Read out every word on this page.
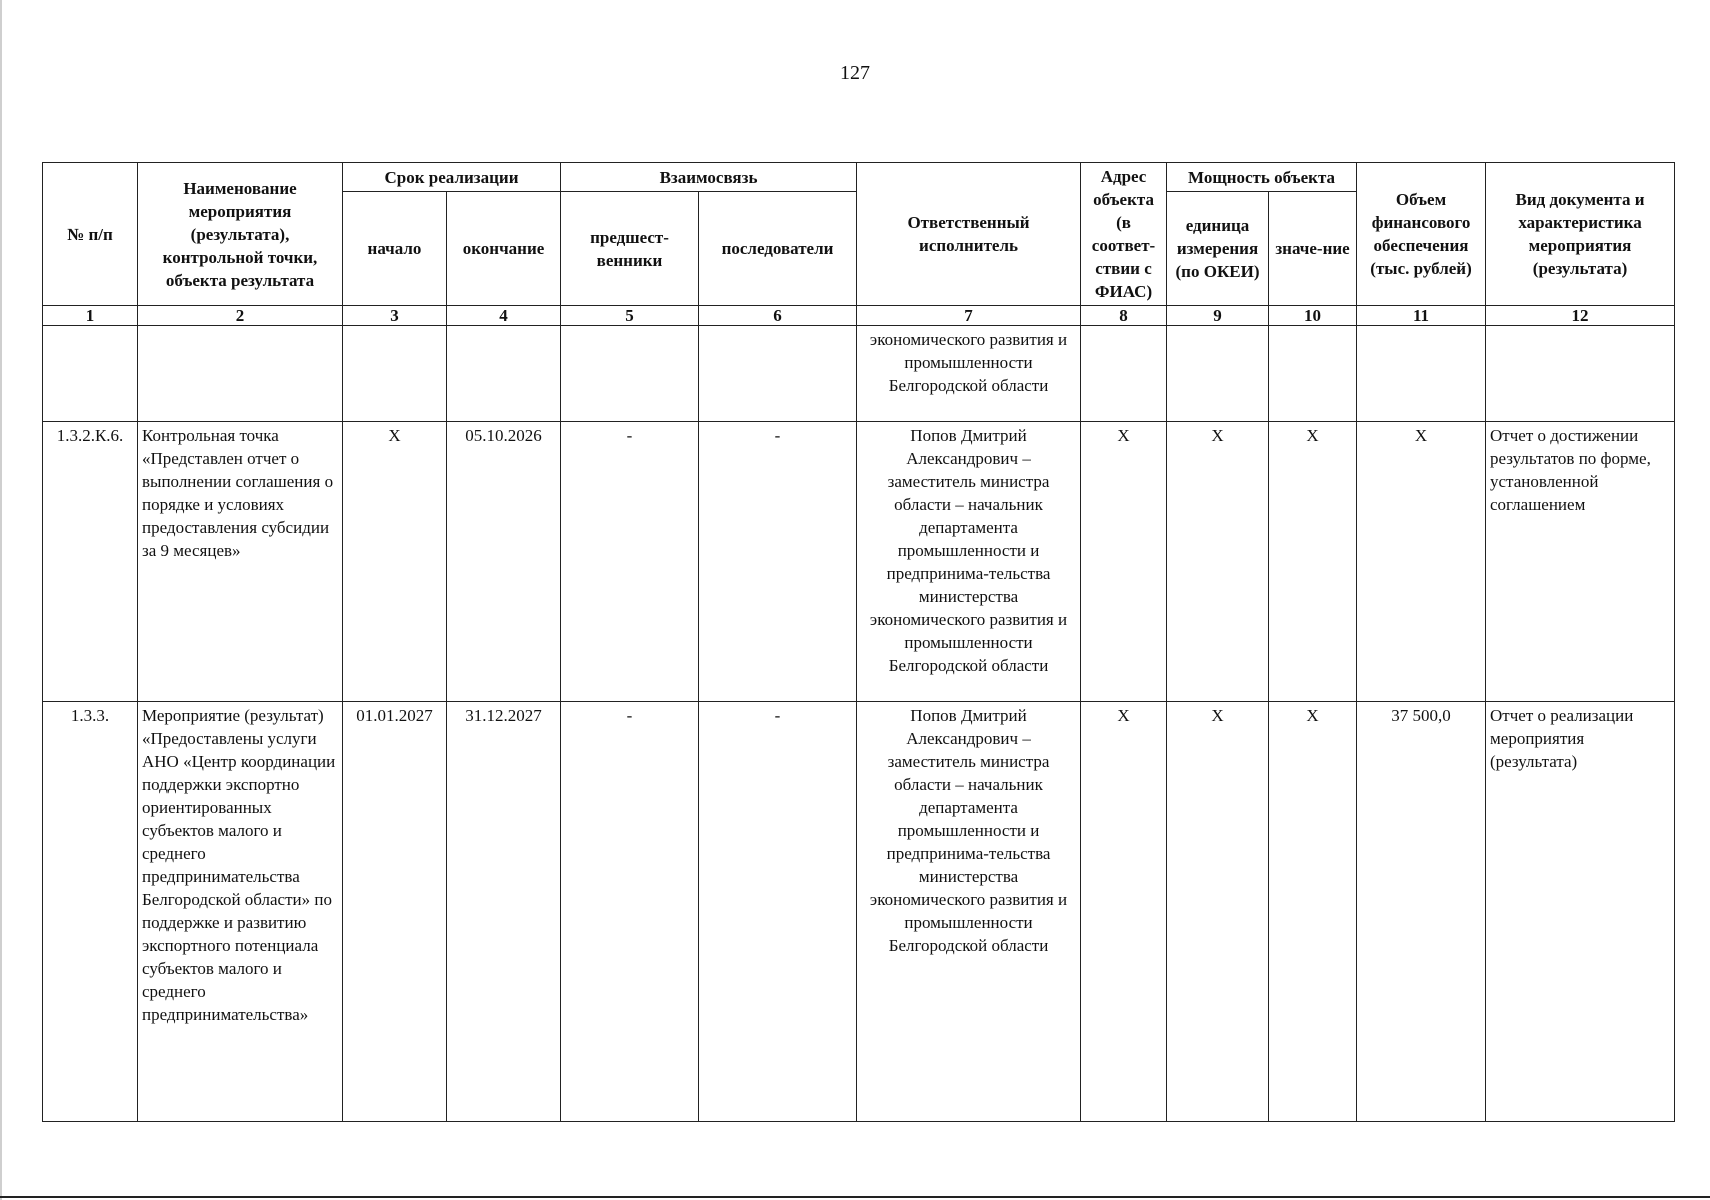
127
№ п/п	Наименование мероприятия (результата), контрольной точки, объекта результата	Срок реализации		Взаимосвязь		Ответственный исполнитель	Адрес объекта (в соответ-ствии с ФИАС)	Мощность объекта		Объем финансового обеспечения (тыс. рублей)	Вид документа и характеристика мероприятия (результата)
		начало	окончание	предшест-венники	последователи			единица измерения (по ОКЕИ)	значе-ние		
1	2	3	4	5	6	7	8	9	10	11	12
						экономического развития и промышленности Белгородской области					
1.3.2.К.6.	Контрольная точка «Представлен отчет о выполнении соглашения о порядке и условиях предоставления субсидии за 9 месяцев»	Х	05.10.2026	-	-	Попов Дмитрий Александрович – заместитель министра области – начальник департамента промышленности и предпринима-тельства министерства экономического развития и промышленности Белгородской области	Х	Х	Х	Х	Отчет о достижении результатов по форме, установленной соглашением
1.3.3.	Мероприятие (результат) «Предоставлены услуги АНО «Центр координации поддержки экспортно ориентированных субъектов малого и среднего предпринимательства Белгородской области» по поддержке и развитию экспортного потенциала субъектов малого и среднего предпринимательства»	01.01.2027	31.12.2027	-	-	Попов Дмитрий Александрович – заместитель министра области – начальник департамента промышленности и предпринима-тельства министерства экономического развития и промышленности Белгородской области	Х	Х	Х	37 500,0	Отчет о реализации мероприятия (результата)
